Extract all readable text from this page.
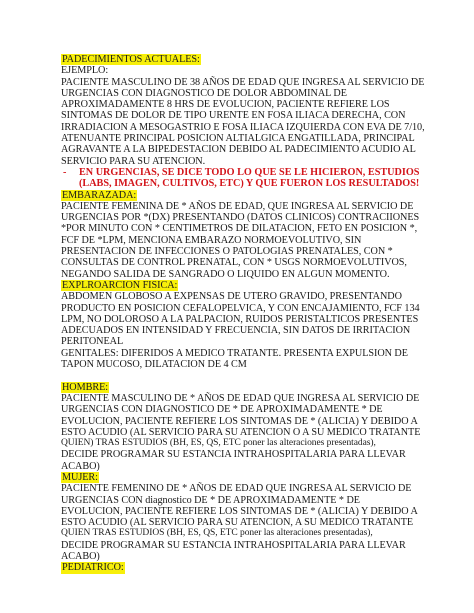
PADECIMIENTOS ACTUALES:
EJEMPLO:
PACIENTE MASCULINO DE 38 AÑOS DE EDAD QUE INGRESA AL SERVICIO DE
URGENCIAS CON DIAGNOSTICO DE DOLOR ABDOMINAL DE
APROXIMADAMENTE 8 HRS DE EVOLUCION, PACIENTE REFIERE LOS
SINTOMAS DE DOLOR DE TIPO URENTE EN FOSA ILIACA DERECHA, CON
IRRADIACION A MESOGASTRIO E FOSA ILIACA IZQUIERDA CON EVA DE 7/10,
ATENUANTE PRINCIPAL POSICION ALTIALGICA ENGATILLADA, PRINCIPAL
AGRAVANTE A LA BIPEDESTACION DEBIDO AL PADECIMIENTO ACUDIO AL
SERVICIO PARA SU ATENCION.
-	EN URGENCIAS, SE DICE TODO LO QUE SE LE HICIERON, ESTUDIOS
(LABS, IMAGEN, CULTIVOS, ETC) Y QUE FUERON LOS RESULTADOS!
EMBARAZADA:
PACIENTE FEMENINA DE * AÑOS DE EDAD, QUE INGRESA AL SERVICIO DE
URGENCIAS POR *(DX) PRESENTANDO (DATOS CLINICOS) CONTRACIIONES
*POR MINUTO CON * CENTIMETROS DE DILATACION, FETO EN POSICION *,
FCF DE *LPM, MENCIONA EMBARAZO NORMOEVOLUTIVO, SIN
PRESENTACION DE INFECCIONES O PATOLOGIAS PRENATALES, CON *
CONSULTAS DE CONTROL PRENATAL, CON * USGS NORMOEVOLUTIVOS,
NEGANDO SALIDA DE SANGRADO O LIQUIDO EN ALGUN MOMENTO.
EXPLROARCION FISICA:
ABDOMEN GLOBOSO A EXPENSAS DE UTERO GRAVIDO, PRESENTANDO
PRODUCTO EN POSICION CEFALOPELVICA, Y CON ENCAJAMIENTO, FCF 134
LPM, NO DOLOROSO A LA PALPACION, RUIDOS PERISTALTICOS PRESENTES
ADECUADOS EN INTENSIDAD Y FRECUENCIA, SIN DATOS DE IRRITACION
PERITONEAL
GENITALES: DIFERIDOS A MEDICO TRATANTE. PRESENTA EXPULSION DE
TAPON MUCOSO, DILATACION DE 4 CM
HOMBRE:
PACIENTE MASCULINO DE * AÑOS DE EDAD QUE INGRESA AL SERVICIO DE
URGENCIAS CON DIAGNOSTICO DE * DE APROXIMADAMENTE * DE
EVOLUCION, PACIENTE REFIERE LOS SINTOMAS DE * (ALICIA) Y DEBIDO A
ESTO ACUDIO (AL SERVICIO PARA SU ATENCION O A SU MEDICO TRATANTE
QUIEN) TRAS ESTUDIOS (BH, ES, QS, ETC poner las alteraciones presentadas),
DECIDE PROGRAMAR SU ESTANCIA INTRAHOSPITALARIA PARA LLEVAR
ACABO)
MUJER:
PACIENTE FEMENINO DE * AÑOS DE EDAD QUE INGRESA AL SERVICIO DE
URGENCIAS CON diagnostico DE * DE APROXIMADAMENTE * DE
EVOLUCION, PACIENTE REFIERE LOS SINTOMAS DE * (ALICIA) Y DEBIDO A
ESTO ACUDIO (AL SERVICIO PARA SU ATENCION, A SU MEDICO TRATANTE
QUIEN TRAS ESTUDIOS (BH, ES, QS, ETC poner las alteraciones presentadas),
DECIDE PROGRAMAR SU ESTANCIA INTRAHOSPITALARIA PARA LLEVAR
ACABO)
PEDIATRICO:
